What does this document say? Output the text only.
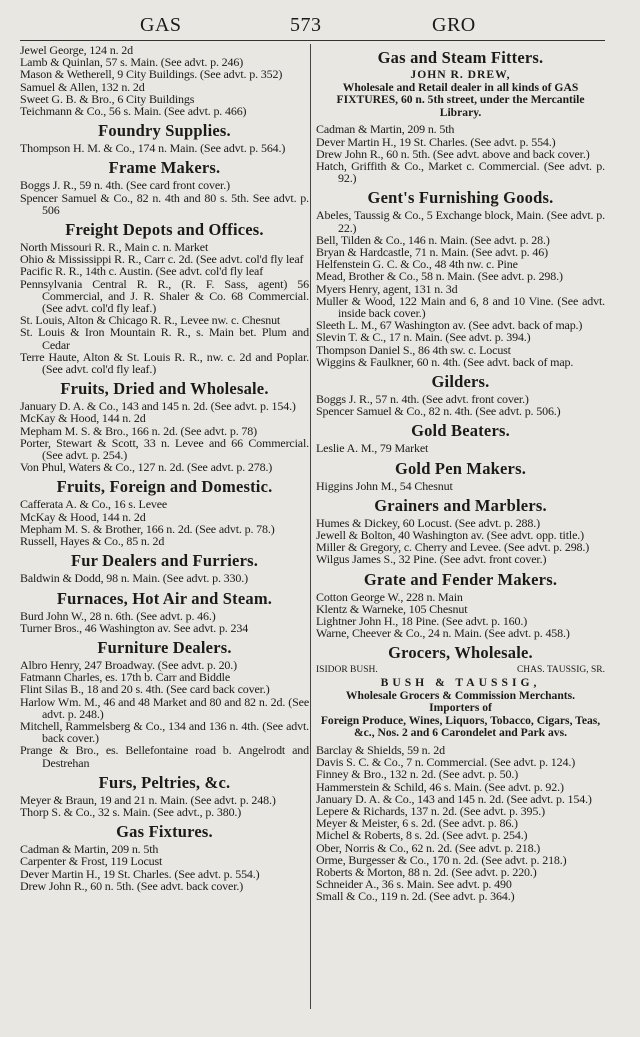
GAS	573	GRO
Jewel George, 124 n. 2d
Lamb & Quinlan, 57 s. Main. (See advt. p. 246)
Mason & Wetherell, 9 City Buildings. (See advt. p. 352)
Samuel & Allen, 132 n. 2d
Sweet G. B. & Bro., 6 City Buildings
Teichmann & Co., 56 s. Main. (See advt. p. 466)
Foundry Supplies.
Thompson H. M. & Co., 174 n. Main. (See advt. p. 564.)
Frame Makers.
Boggs J. R., 59 n. 4th. (See card front cover.)
Spencer Samuel & Co., 82 n. 4th and 80 s. 5th. See advt. p. 506
Freight Depots and Offices.
North Missouri R. R., Main c. n. Market
Ohio & Mississippi R. R., Carr c. 2d. (See advt. col'd fly leaf
Pacific R. R., 14th c. Austin. (See advt. col'd fly leaf
Pennsylvania Central R. R., (R. F. Sass, agent) 56 Commercial, and J. R. Shaler & Co. 68 Commercial. (See advt. col'd fly leaf.)
St. Louis, Alton & Chicago R. R., Levee nw. c. Chesnut
St. Louis & Iron Mountain R. R., s. Main bet. Plum and Cedar
Terre Haute, Alton & St. Louis R. R., nw. c. 2d and Poplar. (See advt. col'd fly leaf.)
Fruits, Dried and Wholesale.
January D. A. & Co., 143 and 145 n. 2d. (See advt. p. 154.)
McKay & Hood, 144 n. 2d
Mepham M. S. & Bro., 166 n. 2d. (See advt. p. 78)
Porter, Stewart & Scott, 33 n. Levee and 66 Commercial. (See advt. p. 254.)
Von Phul, Waters & Co., 127 n. 2d. (See advt. p. 278.)
Fruits, Foreign and Domestic.
Cafferata A. & Co., 16 s. Levee
McKay & Hood, 144 n. 2d
Mepham M. S. & Brother, 166 n. 2d. (See advt. p. 78.)
Russell, Hayes & Co., 85 n. 2d
Fur Dealers and Furriers.
Baldwin & Dodd, 98 n. Main. (See advt. p. 330.)
Furnaces, Hot Air and Steam.
Burd John W., 28 n. 6th. (See advt. p. 46.)
Turner Bros., 46 Washington av. See advt. p. 234
Furniture Dealers.
Albro Henry, 247 Broadway. (See advt. p. 20.)
Fatmann Charles, es. 17th b. Carr and Biddle
Flint Silas B., 18 and 20 s. 4th. (See card back cover.)
Harlow Wm. M., 46 and 48 Market and 80 and 82 n. 2d. (See advt. p. 248.)
Mitchell, Rammelsberg & Co., 134 and 136 n. 4th. (See advt. back cover.)
Prange & Bro., es. Bellefontaine road b. Angelrodt and Destrehan
Furs, Peltries, &c.
Meyer & Braun, 19 and 21 n. Main. (See advt. p. 248.)
Thorp S. & Co., 32 s. Main. (See advt., p. 380.)
Gas Fixtures.
Cadman & Martin, 209 n. 5th
Carpenter & Frost, 119 Locust
Dever Martin H., 19 St. Charles. (See advt. p. 554.)
Drew John R., 60 n. 5th. (See advt. back cover.)
Gas and Steam Fitters.
JOHN R. DREW,
Wholesale and Retail dealer in all kinds of GAS FIXTURES, 60 n. 5th street, under the Mercantile Library.
Cadman & Martin, 209 n. 5th
Dever Martin H., 19 St. Charles. (See advt. p. 554.)
Drew John R., 60 n. 5th. (See advt. above and back cover.)
Hatch, Griffith & Co., Market c. Commercial. (See advt. p. 92.)
Gent's Furnishing Goods.
Abeles, Taussig & Co., 5 Exchange block, Main. (See advt. p. 22.)
Bell, Tilden & Co., 146 n. Main. (See advt. p. 28.)
Bryan & Hardcastle, 71 n. Main. (See advt. p. 46)
Helfenstein G. C. & Co., 48 4th nw. c. Pine
Mead, Brother & Co., 58 n. Main. (See advt. p. 298.)
Myers Henry, agent, 131 n. 3d
Muller & Wood, 122 Main and 6, 8 and 10 Vine. (See advt. inside back cover.)
Sleeth L. M., 67 Washington av. (See advt. back of map.)
Slevin T. & C., 17 n. Main. (See advt. p. 394.)
Thompson Daniel S., 86 4th sw. c. Locust
Wiggins & Faulkner, 60 n. 4th. (See advt. back of map.
Gilders.
Boggs J. R., 57 n. 4th. (See advt. front cover.)
Spencer Samuel & Co., 82 n. 4th. (See advt. p. 506.)
Gold Beaters.
Leslie A. M., 79 Market
Gold Pen Makers.
Higgins John M., 54 Chesnut
Grainers and Marblers.
Humes & Dickey, 60 Locust. (See advt. p. 288.)
Jewell & Bolton, 40 Washington av. (See advt. opp. title.)
Miller & Gregory, c. Cherry and Levee. (See advt. p. 298.)
Wilgus James S., 32 Pine. (See advt. front cover.)
Grate and Fender Makers.
Cotton George W., 228 n. Main
Klentz & Warneke, 105 Chesnut
Lightner John H., 18 Pine. (See advt. p. 160.)
Warne, Cheever & Co., 24 n. Main. (See advt. p. 458.)
Grocers, Wholesale.
ISIDOR BUSH.	CHAS. TAUSSIG, SR.
BUSH & TAUSSIG,
Wholesale Grocers & Commission Merchants.
Importers of
Foreign Produce, Wines, Liquors, Tobacco, Cigars, Teas, &c., Nos. 2 and 6 Carondelet and Park avs.
Barclay & Shields, 59 n. 2d
Davis S. C. & Co., 7 n. Commercial. (See advt. p. 124.)
Finney & Bro., 132 n. 2d. (See advt. p. 50.)
Hammerstein & Schild, 46 s. Main. (See advt. p. 92.)
January D. A. & Co., 143 and 145 n. 2d. (See advt. p. 154.)
Lepere & Richards, 137 n. 2d. (See advt. p. 395.)
Meyer & Meister, 6 s. 2d. (See advt. p. 86.)
Michel & Roberts, 8 s. 2d. (See advt. p. 254.)
Ober, Norris & Co., 62 n. 2d. (See advt. p. 218.)
Orme, Burgesser & Co., 170 n. 2d. (See advt. p. 218.)
Roberts & Morton, 88 n. 2d. (See advt. p. 220.)
Schneider A., 36 s. Main. See advt. p. 490
Small & Co., 119 n. 2d. (See advt. p. 364.)
